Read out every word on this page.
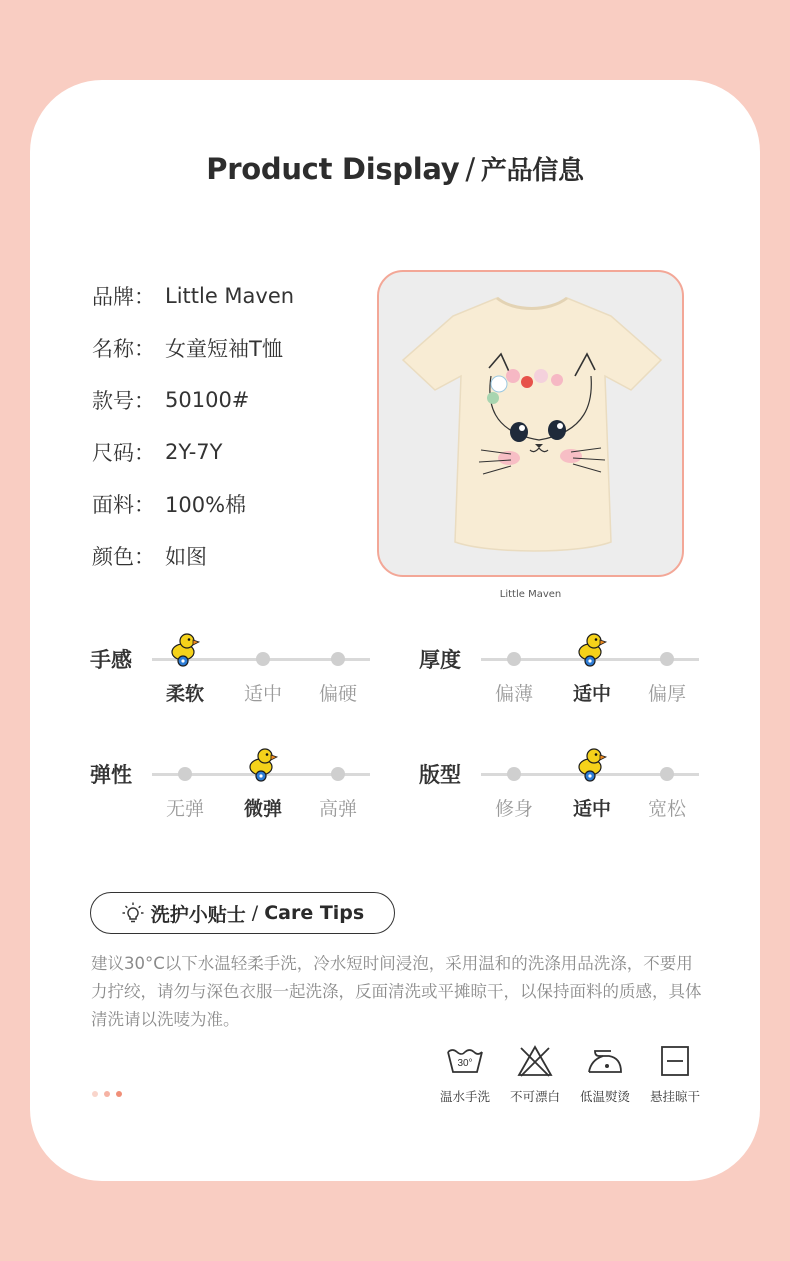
Product Display / 产品信息
品牌： Little Maven
名称： 女童短袖T恤
款号： 50100#
尺码： 2Y-7Y
面料： 100%棉
颜色： 如图
Little Maven
手感
柔软	适中	偏硬
厚度
偏薄	适中	偏厚
弹性
无弹	微弹	高弹
版型
修身	适中	宽松
洗护小贴士 / Care Tips
建议30°C以下水温轻柔手洗，冷水短时间浸泡，采用温和的洗涤用品洗涤，不要用力拧绞，请勿与深色衣服一起洗涤，反面清洗或平摊晾干，以保持面料的质感，具体清洗请以洗唛为准。
30°
温水手洗	不可漂白	低温熨烫	悬挂晾干
